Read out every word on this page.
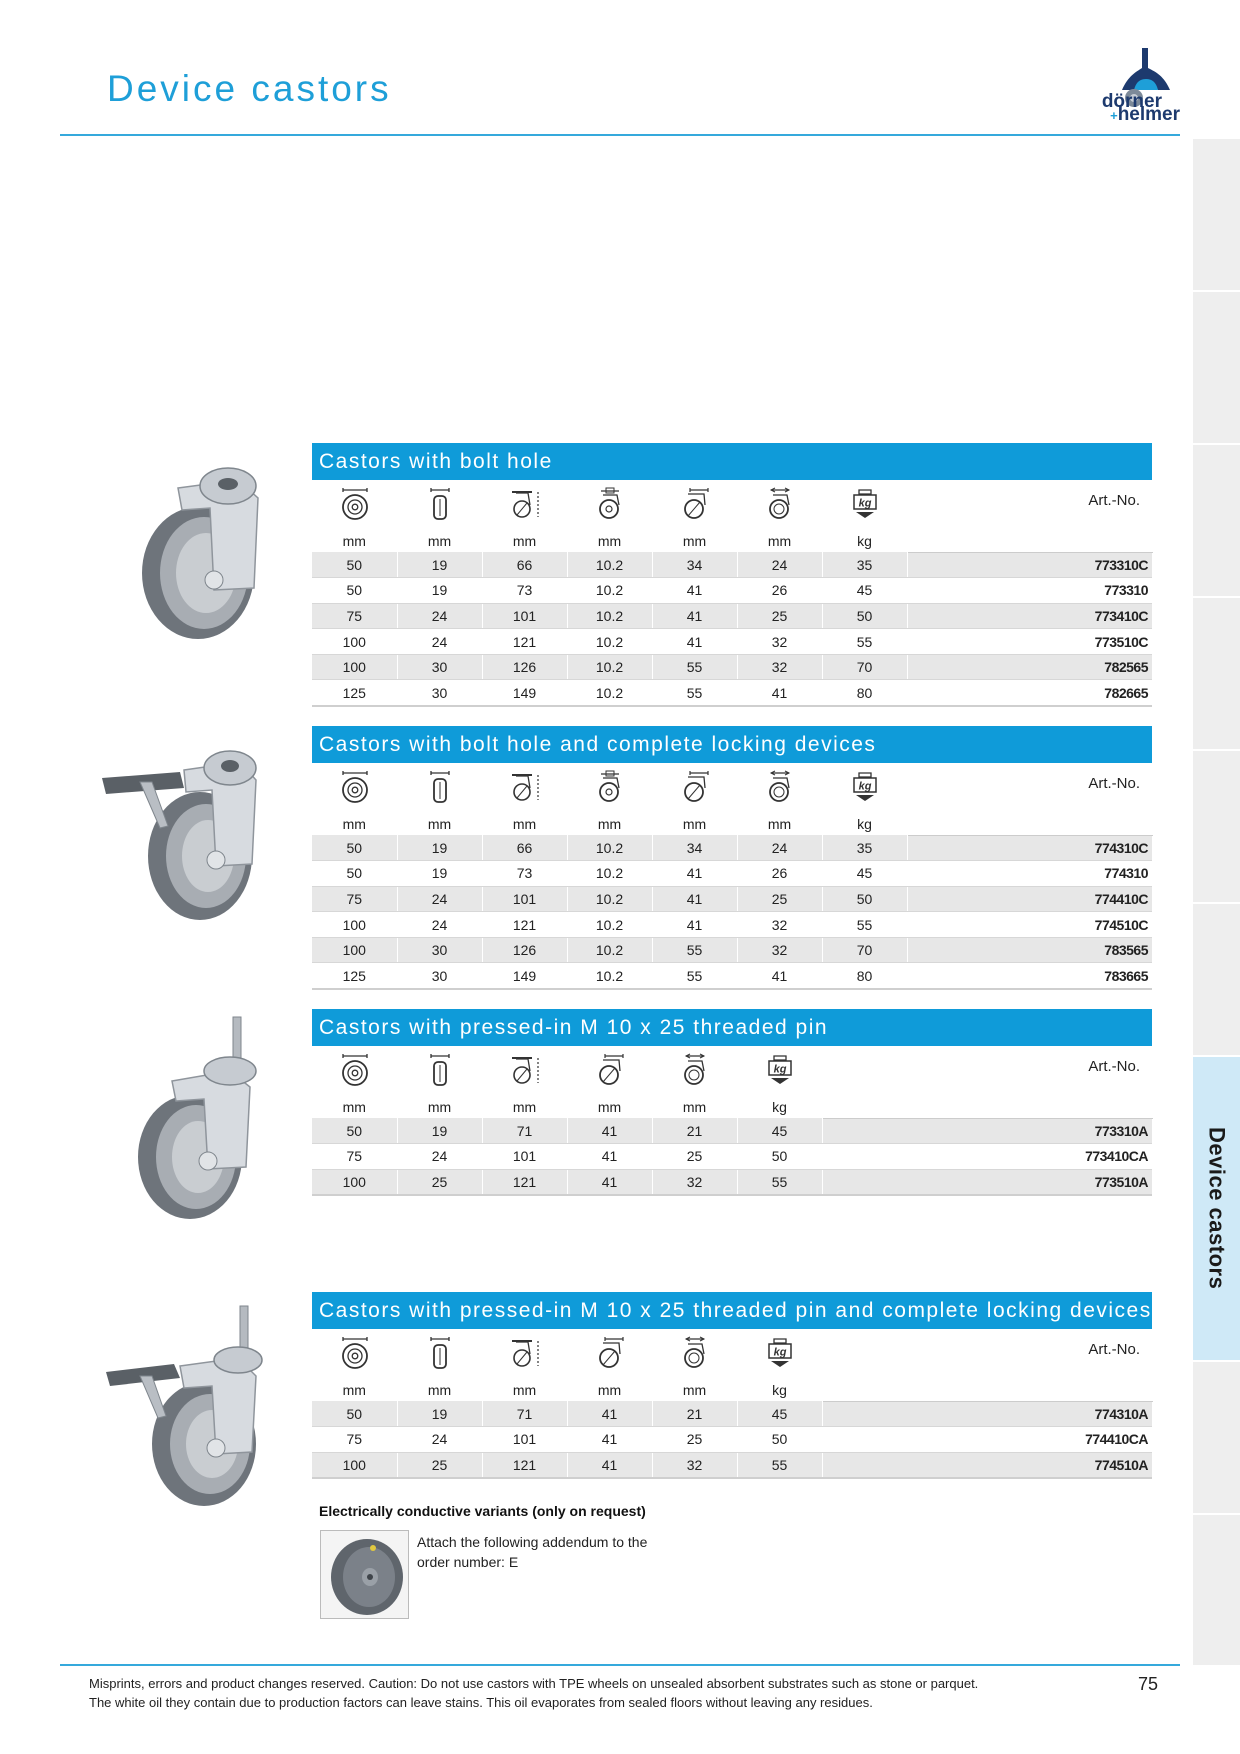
Device castors	dörner
+helmer
Device castors
Castors with bolt hole
Art.-No.
mm	mm	mm	mm	mm	mm	kg	
50	19	66	10.2	34	24	35	773310C
50	19	73	10.2	41	26	45	773310
75	24	101	10.2	41	25	50	773410C
100	24	121	10.2	41	32	55	773510C
100	30	126	10.2	55	32	70	782565
125	30	149	10.2	55	41	80	782665
Castors with bolt hole and complete locking devices
Art.-No.
mm	mm	mm	mm	mm	mm	kg	
50	19	66	10.2	34	24	35	774310C
50	19	73	10.2	41	26	45	774310
75	24	101	10.2	41	25	50	774410C
100	24	121	10.2	41	32	55	774510C
100	30	126	10.2	55	32	70	783565
125	30	149	10.2	55	41	80	783665
Castors with pressed-in M 10 x 25 threaded pin
Art.-No.
mm	mm	mm	mm	mm	kg	
50	19	71	41	21	45	773310A
75	24	101	41	25	50	773410CA
100	25	121	41	32	55	773510A
Castors with pressed-in M 10 x 25 threaded pin and complete locking devices
Art.-No.
mm	mm	mm	mm	mm	kg	
50	19	71	41	21	45	774310A
75	24	101	41	25	50	774410CA
100	25	121	41	32	55	774510A
Electrically conductive variants (only on request)
Attach the following addendum to the order number: E
Misprints, errors and product changes reserved. Caution: Do not use castors with TPE wheels on unsealed absorbent substrates such as stone or parquet.
The white oil they contain due to production factors can leave stains. This oil evaporates from sealed floors without leaving any residues.
75
